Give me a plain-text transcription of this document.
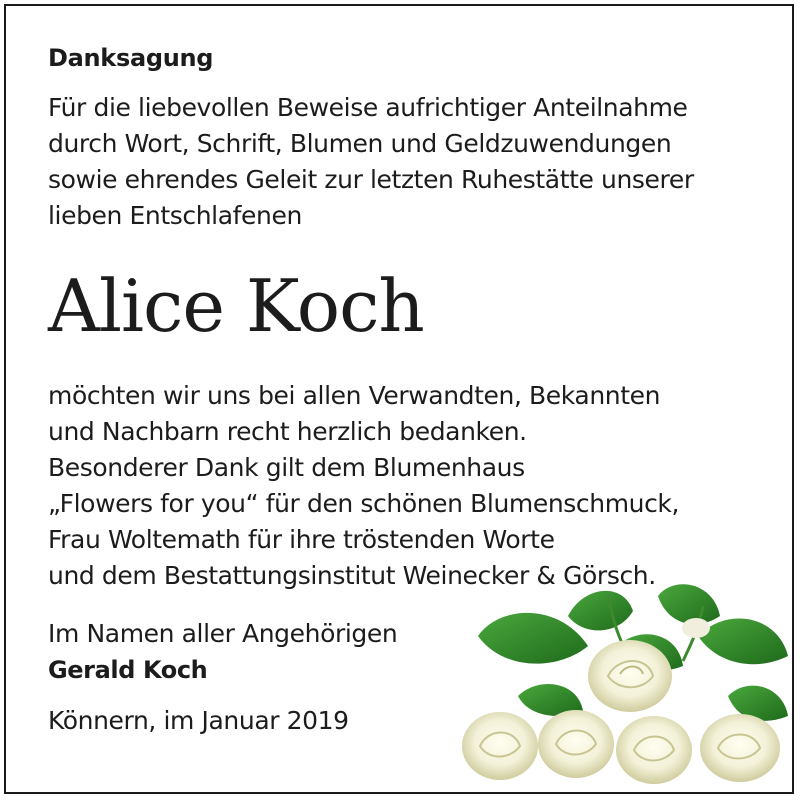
Danksagung
Für die liebevollen Beweise aufrichtiger Anteilnahme
durch Wort, Schrift, Blumen und Geldzuwendungen
sowie ehrendes Geleit zur letzten Ruhestätte unserer
lieben Entschlafenen
Alice Koch
möchten wir uns bei allen Verwandten, Bekannten
und Nachbarn recht herzlich bedanken.
Besonderer Dank gilt dem Blumenhaus
„Flowers for you“ für den schönen Blumenschmuck,
Frau Woltemath für ihre tröstenden Worte
und dem Bestattungsinstitut Weinecker & Görsch.
Im Namen aller Angehörigen
Gerald Koch
Könnern, im Januar 2019
